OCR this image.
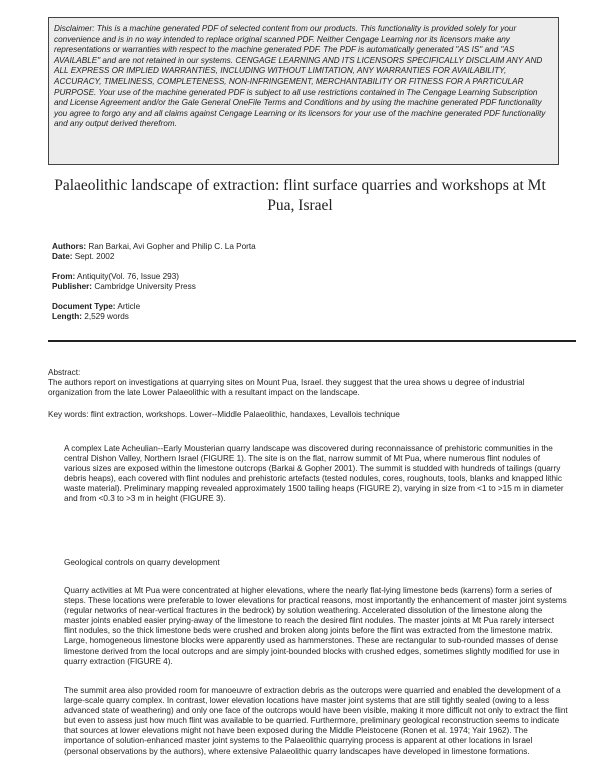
Disclaimer: This is a machine generated PDF of selected content from our products. This functionality is provided solely for your convenience and is in no way intended to replace original scanned PDF. Neither Cengage Learning nor its licensors make any representations or warranties with respect to the machine generated PDF. The PDF is automatically generated "AS IS" and "AS AVAILABLE" and are not retained in our systems. CENGAGE LEARNING AND ITS LICENSORS SPECIFICALLY DISCLAIM ANY AND ALL EXPRESS OR IMPLIED WARRANTIES, INCLUDING WITHOUT LIMITATION, ANY WARRANTIES FOR AVAILABILITY, ACCURACY, TIMELINESS, COMPLETENESS, NON-INFRINGEMENT, MERCHANTABILITY OR FITNESS FOR A PARTICULAR PURPOSE. Your use of the machine generated PDF is subject to all use restrictions contained in The Cengage Learning Subscription and License Agreement and/or the Gale General OneFile Terms and Conditions and by using the machine generated PDF functionality you agree to forgo any and all claims against Cengage Learning or its licensors for your use of the machine generated PDF functionality and any output derived therefrom.
Palaeolithic landscape of extraction: flint surface quarries and workshops at Mt Pua, Israel
Authors: Ran Barkai, Avi Gopher and Philip C. La Porta
Date: Sept. 2002
From: Antiquity(Vol. 76, Issue 293)
Publisher: Cambridge University Press
Document Type: Article
Length: 2,529 words
Abstract:
The authors report on investigations at quarrying sites on Mount Pua, Israel. they suggest that the urea shows u degree of industrial organization from the late Lower Palaeolithic with a resultant impact on the landscape.
Key words: flint extraction, workshops. Lower--Middle Palaeolithic, handaxes, Levallois technique
A complex Late Acheulian--Early Mousterian quarry landscape was discovered during reconnaissance of prehistoric communities in the central Dishon Valley, Northern Israel (FIGURE 1). The site is on the flat, narrow summit of Mt Pua, where numerous flint nodules of various sizes are exposed within the limestone outcrops (Barkai & Gopher 2001). The summit is studded with hundreds of tailings (quarry debris heaps), each covered with flint nodules and prehistoric artefacts (tested nodules, cores, roughouts, tools, blanks and knapped lithic waste material). Preliminary mapping revealed approximately 1500 tailing heaps (FIGURE 2), varying in size from <1 to >15 m in diameter and from <0.3 to >3 m in height (FIGURE 3).
Geological controls on quarry development
Quarry activities at Mt Pua were concentrated at higher elevations, where the nearly flat-lying limestone beds (karrens) form a series of steps. These locations were preferable to lower elevations for practical reasons, most importantly the enhancement of master joint systems (regular networks of near-vertical fractures in the bedrock) by solution weathering. Accelerated dissolution of the limestone along the master joints enabled easier prying-away of the limestone to reach the desired flint nodules. The master joints at Mt Pua rarely intersect flint nodules, so the thick limestone beds were crushed and broken along joints before the flint was extracted from the limestone matrix. Large, homogeneous limestone blocks were apparently used as hammerstones. These are rectangular to sub-rounded masses of dense limestone derived from the local outcrops and are simply joint-bounded blocks with crushed edges, sometimes slightly modified for use in quarry extraction (FIGURE 4).
The summit area also provided room for manoeuvre of extraction debris as the outcrops were quarried and enabled the development of a large-scale quarry complex. In contrast, lower elevation locations have master joint systems that are still tightly sealed (owing to a less advanced state of weathering) and only one face of the outcrops would have been visible, making it more difficult not only to extract the flint but even to assess just how much flint was available to be quarried. Furthermore, preliminary geological reconstruction seems to indicate that sources at lower elevations might not have been exposed during the Middle Pleistocene (Ronen et al. 1974; Yair 1962). The importance of solution-enhanced master joint systems to the Palaeolithic quarrying process is apparent at other locations in Israel (personal observations by the authors), where extensive Palaeolithic quarry landscapes have developed in limestone formations.
